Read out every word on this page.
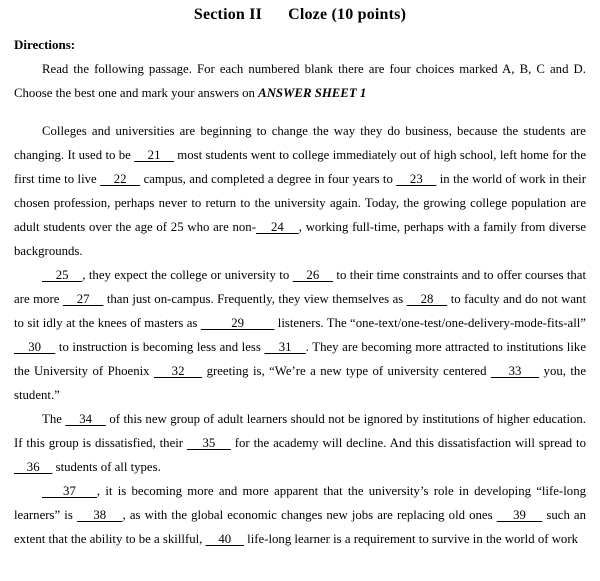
Section II Cloze (10 points)
Directions:

Read the following passage. For each numbered blank there are four choices marked A, B, C and D. Choose the best one and mark your answers on ANSWER SHEET 1

Colleges and universities are beginning to change the way they do business, because the students are changing. It used to be     21     most students went to college immediately out of high school, left home for the first time to live     22     campus, and completed a degree in four years to     23     in the world of work in their chosen profession, perhaps never to return to the university again. Today, the growing college population are adult students over the age of 25 who are non-    24    , working full-time, perhaps with a family from diverse backgrounds.

25    , they expect the college or university to     26     to their time constraints and to offer courses that are more     27     than just on-campus. Frequently, they view themselves as     28     to faculty and do not want to sit idly at the knees of masters as          29          listeners. The “one-text/one-test/one-delivery-mode-fits-all”     30     to instruction is becoming less and less     31    . They are becoming more attracted to institutions like the University of Phoenix     32     greeting is, “We’re a new type of university centered     33     you, the student.”

The     34     of this new group of adult learners should not be ignored by institutions of higher education. If this group is dissatisfied, their     35     for the academy will decline. And this dissatisfaction will spread to     36     students of all types.

37    , it is becoming more and more apparent that the university’s role in developing “life-long learners” is     38    , as with the global economic changes new jobs are replacing old ones     39     such an extent that the ability to be a skillful,     40     life-long learner is a requirement to survive in the world of work
